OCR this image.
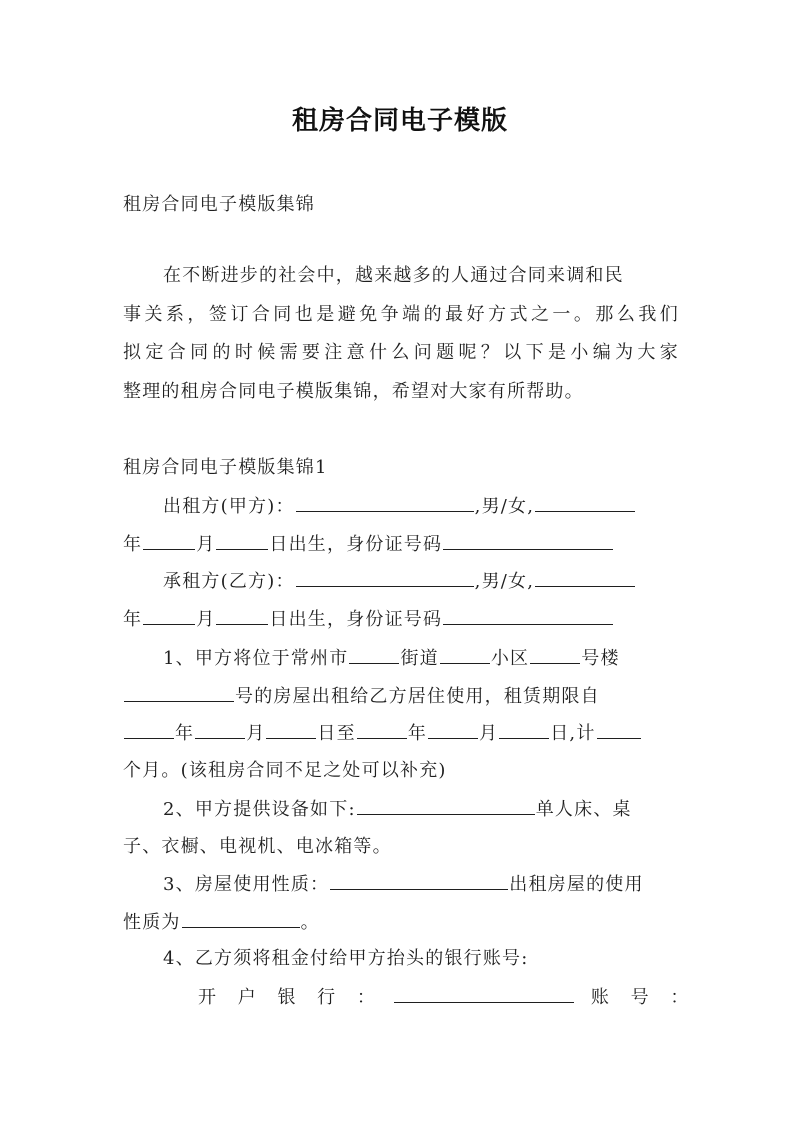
租房合同电子模版
租房合同电子模版集锦
在不断进步的社会中，越来越多的人通过合同来调和民
事关系，签订合同也是避免争端的最好方式之一。那么我们
拟定合同的时候需要注意什么问题呢？以下是小编为大家
整理的租房合同电子模版集锦，希望对大家有所帮助。
租房合同电子模版集锦1
出租方(甲方)：	,男/女,
年	月	日出生，身份证号码
承租方(乙方)：	,男/女,
年	月	日出生，身份证号码
1、甲方将位于常州市	街道	小区	号楼
号的房屋出租给乙方居住使用，租赁期限自
年	月	日至	年	月	日,计
个月。(该租房合同不足之处可以补充)
2、甲方提供设备如下:	单人床、桌
子、衣橱、电视机、电冰箱等。
3、房屋使用性质：	出租房屋的使用
性质为	。
4、乙方须将租金付给甲方抬头的银行账号:
开 户 银 行 ：	账 号 ：
